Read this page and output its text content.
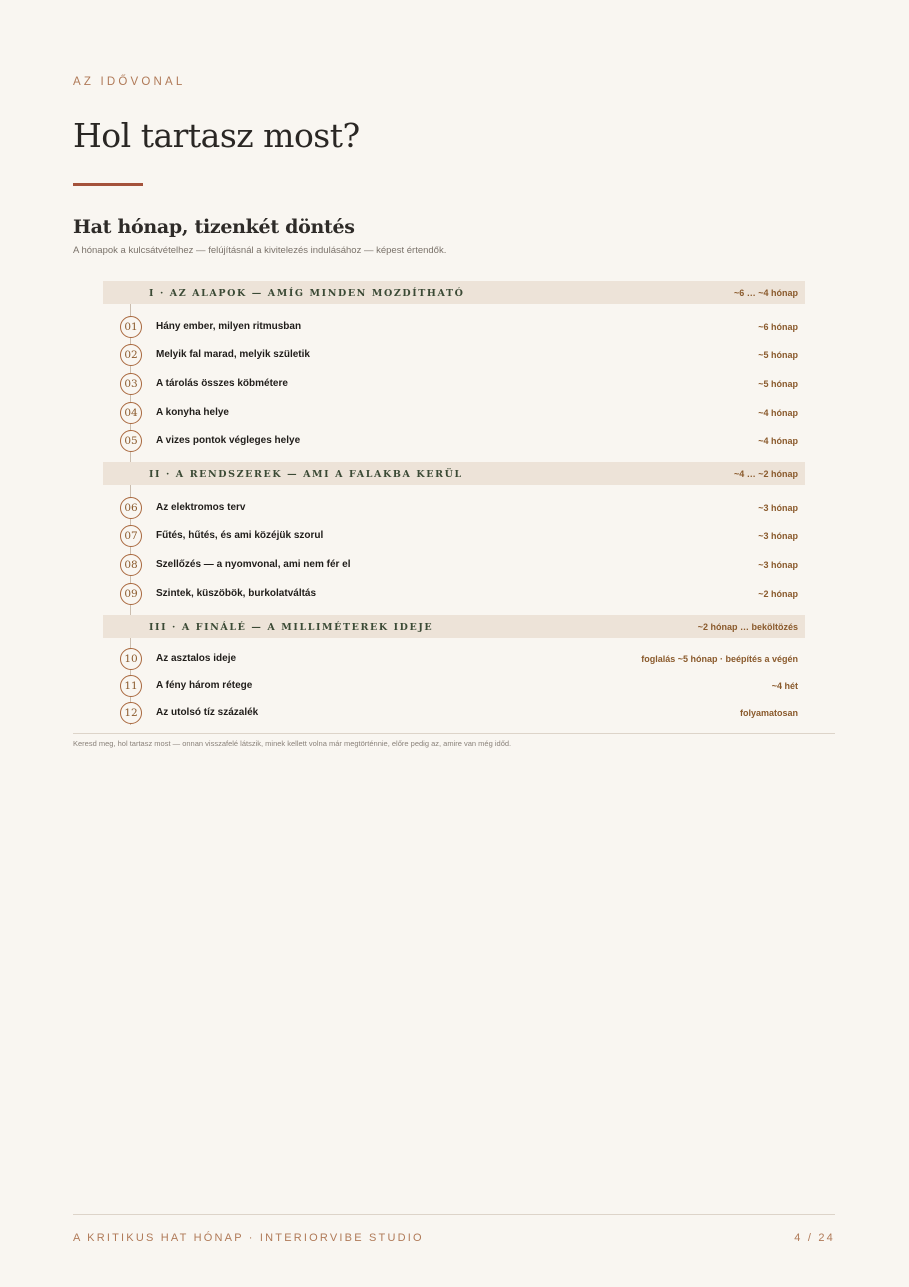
AZ IDŐVONAL
Hol tartasz most?
Hat hónap, tizenkét döntés

A hónapok a kulcsátvételhez — felújításnál a kivitelezés indulásához — képest értendők.

I · AZ ALAPOK — AMÍG MINDEN MOZDÍTHATÓ	~6 … ~4 hónap
01	Hány ember, milyen ritmusban	~6 hónap
02	Melyik fal marad, melyik születik	~5 hónap
03	A tárolás összes köbmétere	~5 hónap
04	A konyha helye	~4 hónap
05	A vizes pontok végleges helye	~4 hónap
II · A RENDSZEREK — AMI A FALAKBA KERÜL	~4 … ~2 hónap
06	Az elektromos terv	~3 hónap
07	Fűtés, hűtés, és ami közéjük szorul	~3 hónap
08	Szellőzés — a nyomvonal, ami nem fér el	~3 hónap
09	Szintek, küszöbök, burkolatváltás	~2 hónap
III · A FINÁLÉ — A MILLIMÉTEREK IDEJE	~2 hónap … beköltözés
10	Az asztalos ideje	foglalás ~5 hónap · beépítés a végén
11	A fény három rétege	~4 hét
12	Az utolsó tíz százalék	folyamatosan

Keresd meg, hol tartasz most — onnan visszafelé látszik, minek kellett volna már megtörténnie, előre pedig az, amire van még időd.

A KRITIKUS HAT HÓNAP · INTERIORVIBE STUDIO	4 / 24
